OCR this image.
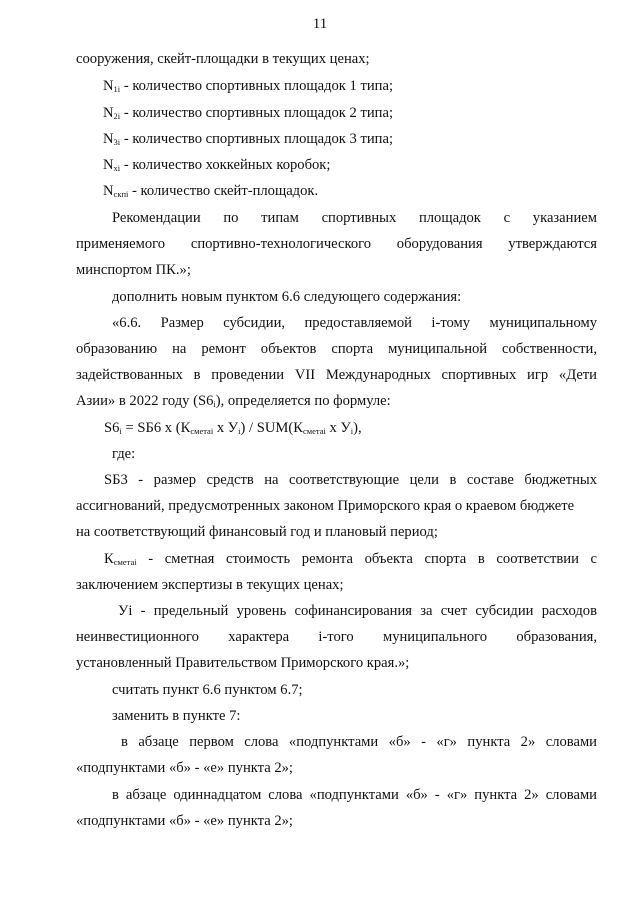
11
сооружения, скейт-площадки в текущих ценах;
$N_{1i}$ - количество спортивных площадок 1 типа;
$N_{2i}$ - количество спортивных площадок 2 типа;
$N_{3i}$ - количество спортивных площадок 3 типа;
$N_{xi}$ - количество хоккейных коробок;
$N_{скпi}$ - количество скейт-площадок.
Рекомендации по типам спортивных площадок с указанием
применяемого спортивно-технологического оборудования утверждаются
минспортом ПК.»;
дополнить новым пунктом 6.6 следующего содержания:
«6.6. Размер субсидии, предоставляемой i-тому муниципальному
образованию на ремонт объектов спорта муниципальной собственности,
задействованных в проведении VII Международных спортивных игр «Дети
Азии» в 2022 году $(S6_i)$, определяется по формуле:
$S6_i = SБ6$ х ($К_{сметаi}$ х $У_i) / SUM(К_{сметаi}$ х $У_i$),
где:
SБ3 - размер средств на соответствующие цели в составе бюджетных
ассигнований, предусмотренных законом Приморского края о краевом бюджете
на соответствующий финансовый год и плановый период;
$К_{сметаi}$ - сметная стоимость ремонта объекта спорта в соответствии с
заключением экспертизы в текущих ценах;
Уi - предельный уровень софинансирования за счет субсидии расходов
неинвестиционного характера i-того муниципального образования,
установленный Правительством Приморского края.»;
считать пункт 6.6 пунктом 6.7;
заменить в пункте 7:
в абзаце первом слова «подпунктами «б» - «г» пункта 2» словами
«подпунктами «б» - «е» пункта 2»;
в абзаце одиннадцатом слова «подпунктами «б» - «г» пункта 2» словами
«подпунктами «б» - «е» пункта 2»;
